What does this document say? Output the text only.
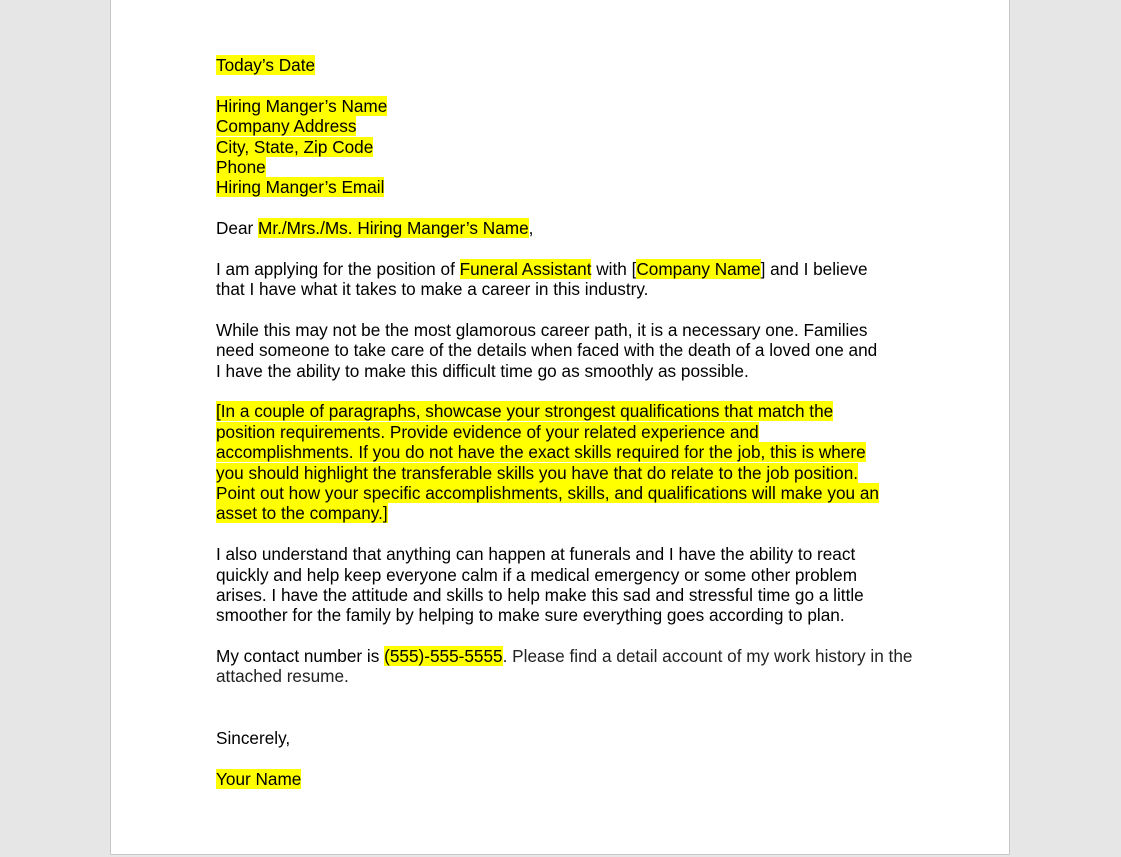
Today’s Date
Hiring Manger’s Name
Company Address
City, State, Zip Code
Phone
Hiring Manger’s Email
Dear Mr./Mrs./Ms. Hiring Manger’s Name,
I am applying for the position of Funeral Assistant with [Company Name] and I believe
that I have what it takes to make a career in this industry.
While this may not be the most glamorous career path, it is a necessary one. Families
need someone to take care of the details when faced with the death of a loved one and
I have the ability to make this difficult time go as smoothly as possible.
[In a couple of paragraphs, showcase your strongest qualifications that match the
position requirements. Provide evidence of your related experience and
accomplishments. If you do not have the exact skills required for the job, this is where
you should highlight the transferable skills you have that do relate to the job position.
Point out how your specific accomplishments, skills, and qualifications will make you an
asset to the company.]
I also understand that anything can happen at funerals and I have the ability to react
quickly and help keep everyone calm if a medical emergency or some other problem
arises. I have the attitude and skills to help make this sad and stressful time go a little
smoother for the family by helping to make sure everything goes according to plan.
My contact number is (555)-555-5555. Please find a detail account of my work history in the
attached resume.
Sincerely,
Your Name
